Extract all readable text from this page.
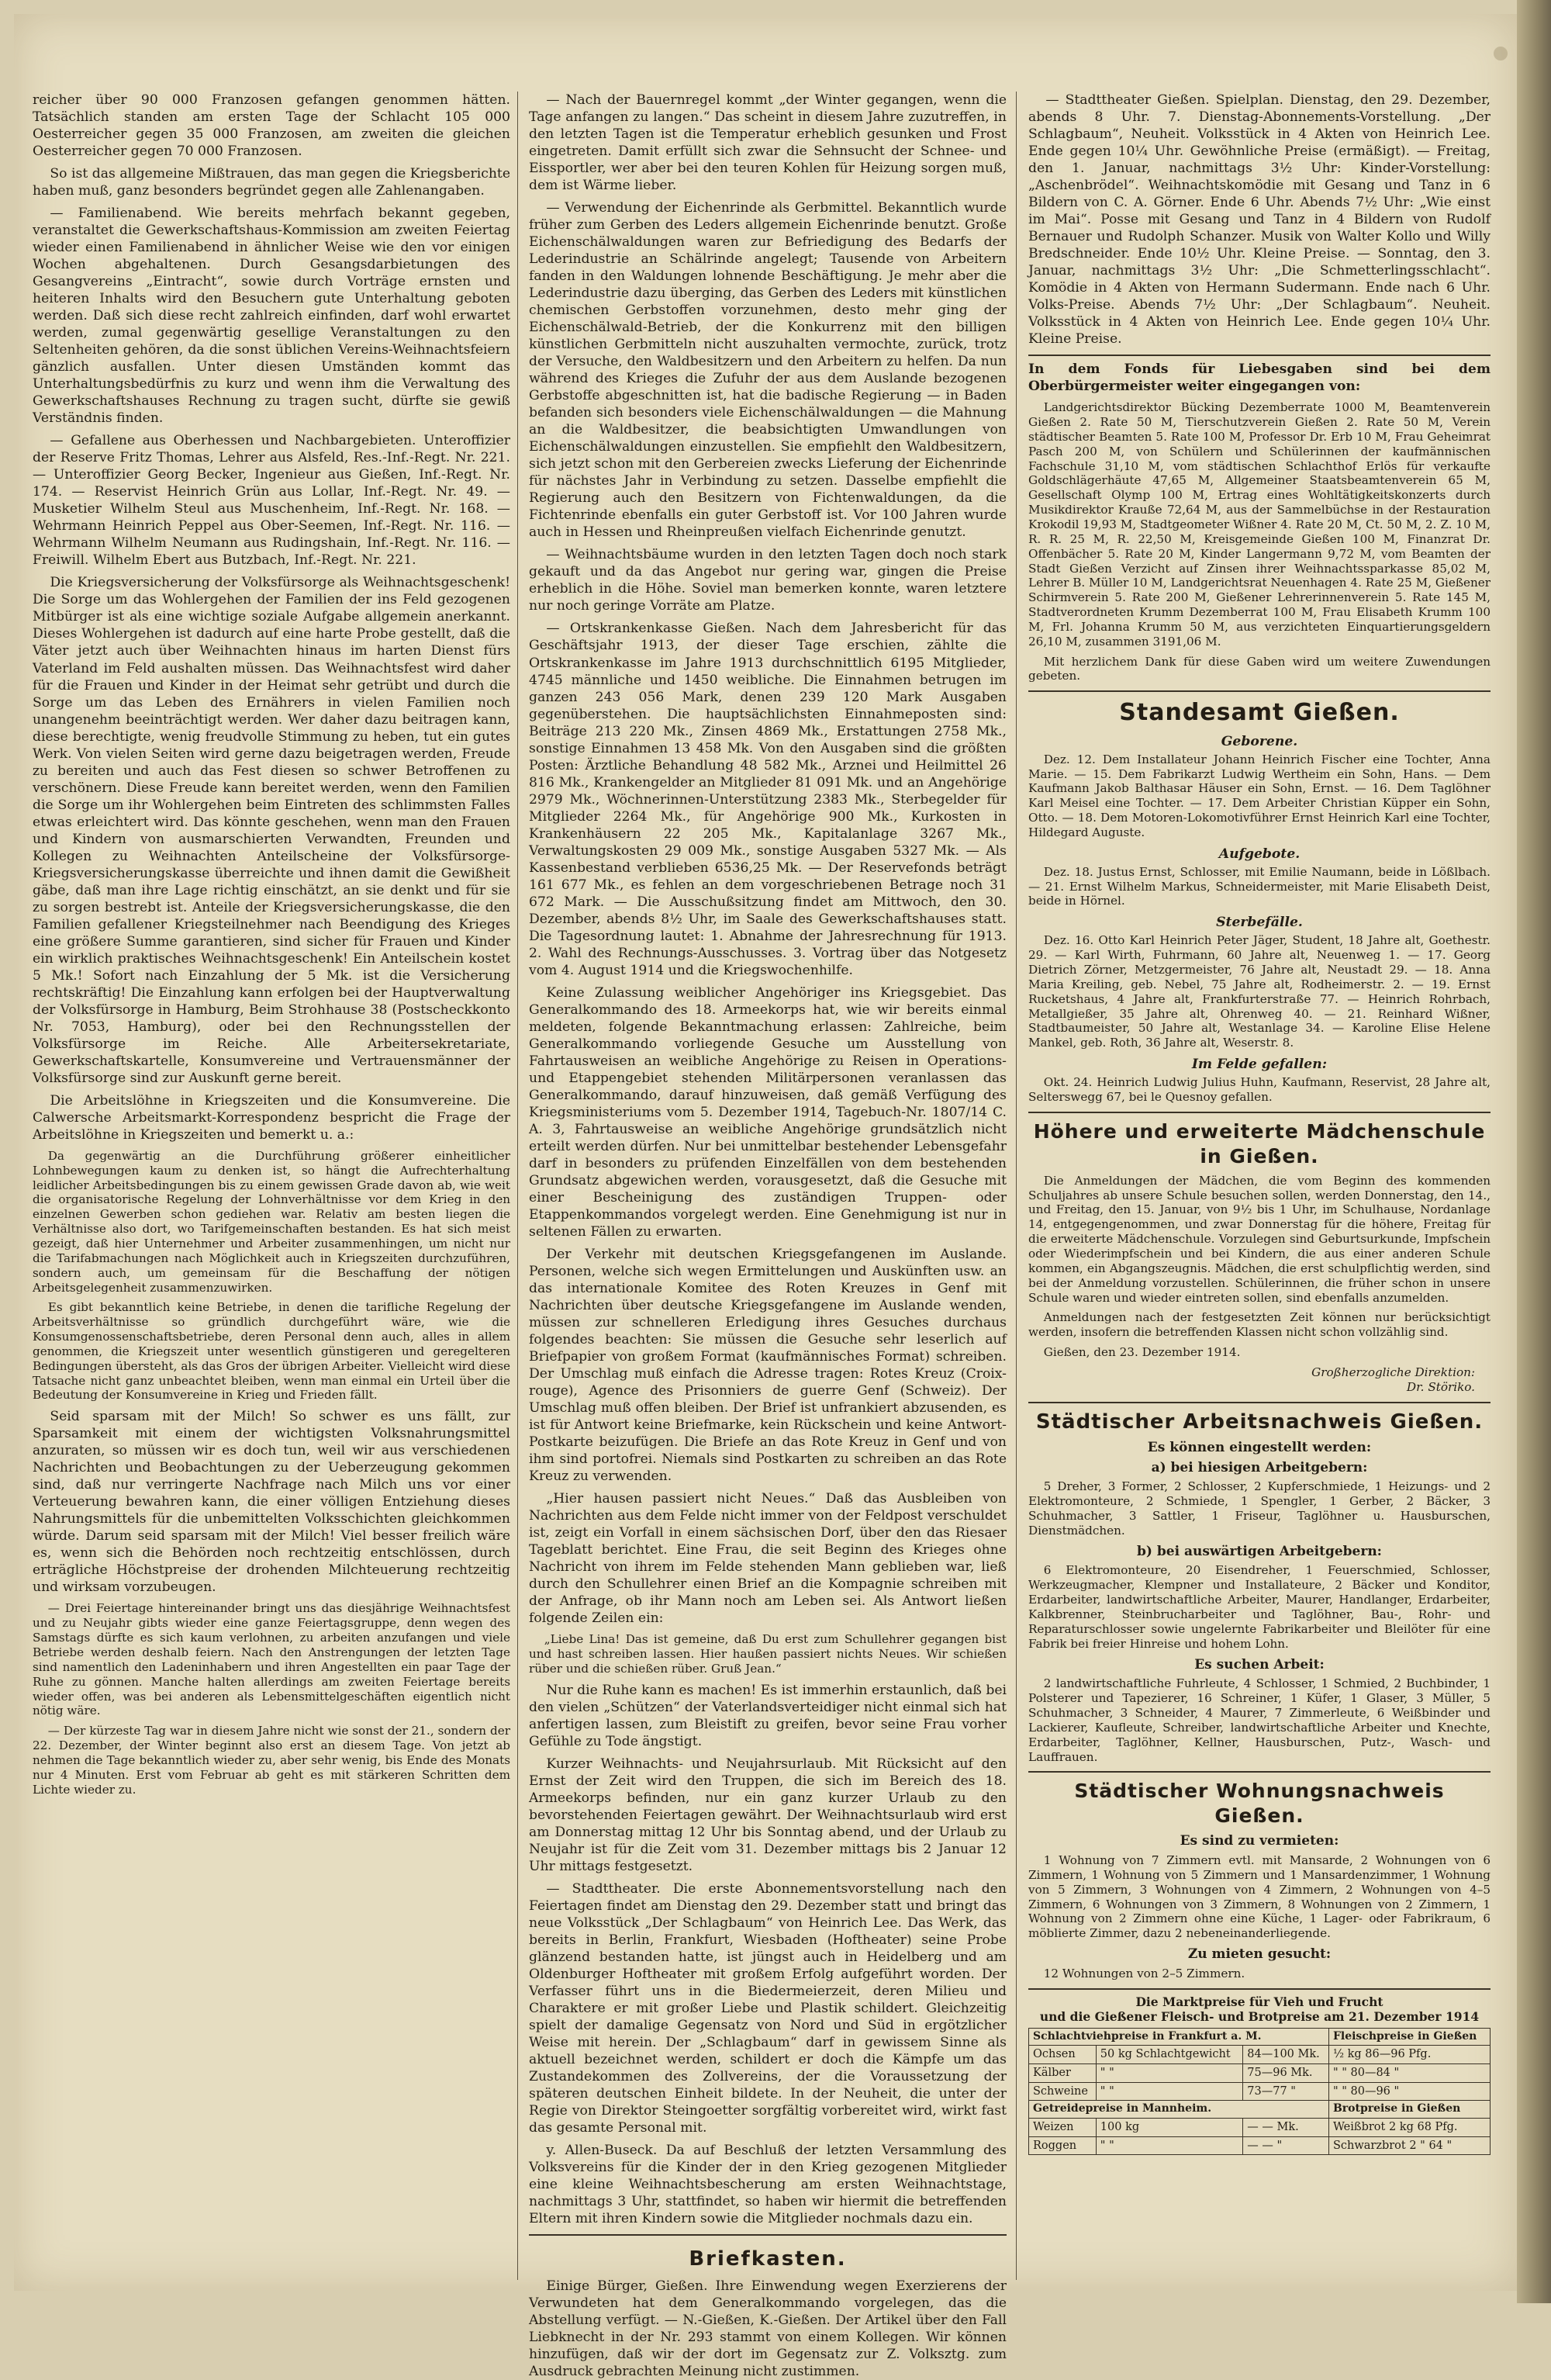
reicher über 90 000 Franzosen gefangen genommen hätten. Tatsächlich standen am ersten Tage der Schlacht 105 000 Oesterreicher gegen 35 000 Franzosen, am zweiten die gleichen Oesterreicher gegen 70 000 Franzosen.

So ist das allgemeine Mißtrauen, das man gegen die Kriegsberichte haben muß, ganz besonders begründet gegen alle Zahlenangaben.

— Familienabend. Wie bereits mehrfach bekannt gegeben, veranstaltet die Gewerkschaftshaus-Kommission am zweiten Feiertag wieder einen Familienabend in ähnlicher Weise wie den vor einigen Wochen abgehaltenen. Durch Gesangsdarbietungen des Gesangvereins „Eintracht“, sowie durch Vorträge ernsten und heiteren Inhalts wird den Besuchern gute Unterhaltung geboten werden. Daß sich diese recht zahlreich einfinden, darf wohl erwartet werden, zumal gegenwärtig gesellige Veranstaltungen zu den Seltenheiten gehören, da die sonst üblichen Vereins-Weihnachtsfeiern gänzlich ausfallen. Unter diesen Umständen kommt das Unterhaltungsbedürfnis zu kurz und wenn ihm die Verwaltung des Gewerkschaftshauses Rechnung zu tragen sucht, dürfte sie gewiß Verständnis finden.

— Gefallene aus Oberhessen und Nachbargebieten. Unteroffizier der Reserve Fritz Thomas, Lehrer aus Alsfeld, Res.-Inf.-Regt. Nr. 221. — Unteroffizier Georg Becker, Ingenieur aus Gießen, Inf.-Regt. Nr. 174. — Reservist Heinrich Grün aus Lollar, Inf.-Regt. Nr. 49. — Musketier Wilhelm Steul aus Muschenheim, Inf.-Regt. Nr. 168. — Wehrmann Heinrich Peppel aus Ober-Seemen, Inf.-Regt. Nr. 116. — Wehrmann Wilhelm Neumann aus Rudingshain, Inf.-Regt. Nr. 116. — Freiwill. Wilhelm Ebert aus Butzbach, Inf.-Regt. Nr. 221.

Die Kriegsversicherung der Volksfürsorge als Weihnachtsgeschenk! Die Sorge um das Wohlergehen der Familien der ins Feld gezogenen Mitbürger ist als eine wichtige soziale Aufgabe allgemein anerkannt. Dieses Wohlergehen ist dadurch auf eine harte Probe gestellt, daß die Väter jetzt auch über Weihnachten hinaus im harten Dienst fürs Vaterland im Feld aushalten müssen. Das Weihnachtsfest wird daher für die Frauen und Kinder in der Heimat sehr getrübt und durch die Sorge um das Leben des Ernährers in vielen Familien noch unangenehm beeinträchtigt werden. Wer daher dazu beitragen kann, diese berechtigte, wenig freudvolle Stimmung zu heben, tut ein gutes Werk. Von vielen Seiten wird gerne dazu beigetragen werden, Freude zu bereiten und auch das Fest diesen so schwer Betroffenen zu verschönern. Diese Freude kann bereitet werden, wenn den Familien die Sorge um ihr Wohlergehen beim Eintreten des schlimmsten Falles etwas erleichtert wird. Das könnte geschehen, wenn man den Frauen und Kindern von ausmarschierten Verwandten, Freunden und Kollegen zu Weihnachten Anteilscheine der Volksfürsorge-Kriegsversicherungskasse überreichte und ihnen damit die Gewißheit gäbe, daß man ihre Lage richtig einschätzt, an sie denkt und für sie zu sorgen bestrebt ist. Anteile der Kriegsversicherungskasse, die den Familien gefallener Kriegsteilnehmer nach Beendigung des Krieges eine größere Summe garantieren, sind sicher für Frauen und Kinder ein wirklich praktisches Weihnachtsgeschenk! Ein Anteilschein kostet 5 Mk.! Sofort nach Einzahlung der 5 Mk. ist die Versicherung rechtskräftig! Die Einzahlung kann erfolgen bei der Hauptverwaltung der Volksfürsorge in Hamburg, Beim Strohhause 38 (Postscheckkonto Nr. 7053, Hamburg), oder bei den Rechnungsstellen der Volksfürsorge im Reiche. Alle Arbeitersekretariate, Gewerkschaftskartelle, Konsumvereine und Vertrauensmänner der Volksfürsorge sind zur Auskunft gerne bereit.

Die Arbeitslöhne in Kriegszeiten und die Konsumvereine. Die Calwersche Arbeitsmarkt-Korrespondenz bespricht die Frage der Arbeitslöhne in Kriegszeiten und bemerkt u. a.:

Da gegenwärtig an die Durchführung größerer einheitlicher Lohnbewegungen kaum zu denken ist, so hängt die Aufrechterhaltung leidlicher Arbeitsbedingungen bis zu einem gewissen Grade davon ab, wie weit die organisatorische Regelung der Lohnverhältnisse vor dem Krieg in den einzelnen Gewerben schon gediehen war. Relativ am besten liegen die Verhältnisse also dort, wo Tarifgemeinschaften bestanden. Es hat sich meist gezeigt, daß hier Unternehmer und Arbeiter zusammenhingen, um nicht nur die Tarifabmachungen nach Möglichkeit auch in Kriegszeiten durchzuführen, sondern auch, um gemeinsam für die Beschaffung der nötigen Arbeitsgelegenheit zusammenzuwirken.

Es gibt bekanntlich keine Betriebe, in denen die tarifliche Regelung der Arbeitsverhältnisse so gründlich durchgeführt wäre, wie die Konsumgenossenschaftsbetriebe, deren Personal denn auch, alles in allem genommen, die Kriegszeit unter wesentlich günstigeren und geregelteren Bedingungen übersteht, als das Gros der übrigen Arbeiter. Vielleicht wird diese Tatsache nicht ganz unbeachtet bleiben, wenn man einmal ein Urteil über die Bedeutung der Konsumvereine in Krieg und Frieden fällt.

Seid sparsam mit der Milch! So schwer es uns fällt, zur Sparsamkeit mit einem der wichtigsten Volksnahrungsmittel anzuraten, so müssen wir es doch tun, weil wir aus verschiedenen Nachrichten und Beobachtungen zu der Ueberzeugung gekommen sind, daß nur verringerte Nachfrage nach Milch uns vor einer Verteuerung bewahren kann, die einer völligen Entziehung dieses Nahrungsmittels für die unbemittelten Volksschichten gleichkommen würde. Darum seid sparsam mit der Milch! Viel besser freilich wäre es, wenn sich die Behörden noch rechtzeitig entschlössen, durch erträgliche Höchstpreise der drohenden Milchteuerung rechtzeitig und wirksam vorzubeugen.

— Drei Feiertage hintereinander bringt uns das diesjährige Weihnachtsfest und zu Neujahr gibts wieder eine ganze Feiertagsgruppe, denn wegen des Samstags dürfte es sich kaum verlohnen, zu arbeiten anzufangen und viele Betriebe werden deshalb feiern. Nach den Anstrengungen der letzten Tage sind namentlich den Ladeninhabern und ihren Angestellten ein paar Tage der Ruhe zu gönnen. Manche halten allerdings am zweiten Feiertage bereits wieder offen, was bei anderen als Lebensmittelgeschäften eigentlich nicht nötig wäre.

— Der kürzeste Tag war in diesem Jahre nicht wie sonst der 21., sondern der 22. Dezember, der Winter beginnt also erst an diesem Tage. Von jetzt ab nehmen die Tage bekanntlich wieder zu, aber sehr wenig, bis Ende des Monats nur 4 Minuten. Erst vom Februar ab geht es mit stärkeren Schritten dem Lichte wieder zu.

— Nach der Bauernregel kommt „der Winter gegangen, wenn die Tage anfangen zu langen.“ Das scheint in diesem Jahre zuzutreffen, in den letzten Tagen ist die Temperatur erheblich gesunken und Frost eingetreten. Damit erfüllt sich zwar die Sehnsucht der Schnee- und Eissportler, wer aber bei den teuren Kohlen für Heizung sorgen muß, dem ist Wärme lieber.

— Verwendung der Eichenrinde als Gerbmittel. Bekanntlich wurde früher zum Gerben des Leders allgemein Eichenrinde benutzt. Große Eichenschälwaldungen waren zur Befriedigung des Bedarfs der Lederindustrie an Schälrinde angelegt; Tausende von Arbeitern fanden in den Waldungen lohnende Beschäftigung. Je mehr aber die Lederindustrie dazu überging, das Gerben des Leders mit künstlichen chemischen Gerbstoffen vorzunehmen, desto mehr ging der Eichenschälwald-Betrieb, der die Konkurrenz mit den billigen künstlichen Gerbmitteln nicht auszuhalten vermochte, zurück, trotz der Versuche, den Waldbesitzern und den Arbeitern zu helfen. Da nun während des Krieges die Zufuhr der aus dem Auslande bezogenen Gerbstoffe abgeschnitten ist, hat die badische Regierung — in Baden befanden sich besonders viele Eichenschälwaldungen — die Mahnung an die Waldbesitzer, die beabsichtigten Umwandlungen von Eichenschälwaldungen einzustellen. Sie empfiehlt den Waldbesitzern, sich jetzt schon mit den Gerbereien zwecks Lieferung der Eichenrinde für nächstes Jahr in Verbindung zu setzen. Dasselbe empfiehlt die Regierung auch den Besitzern von Fichtenwaldungen, da die Fichtenrinde ebenfalls ein guter Gerbstoff ist. Vor 100 Jahren wurde auch in Hessen und Rheinpreußen vielfach Eichenrinde genutzt.

— Weihnachtsbäume wurden in den letzten Tagen doch noch stark gekauft und da das Angebot nur gering war, gingen die Preise erheblich in die Höhe. Soviel man bemerken konnte, waren letztere nur noch geringe Vorräte am Platze.

— Ortskrankenkasse Gießen. Nach dem Jahresbericht für das Geschäftsjahr 1913, der dieser Tage erschien, zählte die Ortskrankenkasse im Jahre 1913 durchschnittlich 6195 Mitglieder, 4745 männliche und 1450 weibliche. Die Einnahmen betrugen im ganzen 243 056 Mark, denen 239 120 Mark Ausgaben gegenüberstehen. Die hauptsächlichsten Einnahmeposten sind: Beiträge 213 220 Mk., Zinsen 4869 Mk., Erstattungen 2758 Mk., sonstige Einnahmen 13 458 Mk. Von den Ausgaben sind die größten Posten: Ärztliche Behandlung 48 582 Mk., Arznei und Heilmittel 26 816 Mk., Krankengelder an Mitglieder 81 091 Mk. und an Angehörige 2979 Mk., Wöchnerinnen-Unterstützung 2383 Mk., Sterbegelder für Mitglieder 2264 Mk., für Angehörige 900 Mk., Kurkosten in Krankenhäusern 22 205 Mk., Kapitalanlage 3267 Mk., Verwaltungskosten 29 009 Mk., sonstige Ausgaben 5327 Mk. — Als Kassenbestand verblieben 6536,25 Mk. — Der Reservefonds beträgt 161 677 Mk., es fehlen an dem vorgeschriebenen Betrage noch 31 672 Mark. — Die Ausschußsitzung findet am Mittwoch, den 30. Dezember, abends 8½ Uhr, im Saale des Gewerkschaftshauses statt. Die Tagesordnung lautet: 1. Abnahme der Jahresrechnung für 1913. 2. Wahl des Rechnungs-Ausschusses. 3. Vortrag über das Notgesetz vom 4. August 1914 und die Kriegswochenhilfe.

Keine Zulassung weiblicher Angehöriger ins Kriegsgebiet. Das Generalkommando des 18. Armeekorps hat, wie wir bereits einmal meldeten, folgende Bekanntmachung erlassen: Zahlreiche, beim Generalkommando vorliegende Gesuche um Ausstellung von Fahrtausweisen an weibliche Angehörige zu Reisen in Operations- und Etappengebiet stehenden Militärpersonen veranlassen das Generalkommando, darauf hinzuweisen, daß gemäß Verfügung des Kriegsministeriums vom 5. Dezember 1914, Tagebuch-Nr. 1807/14 C. A. 3, Fahrtausweise an weibliche Angehörige grundsätzlich nicht erteilt werden dürfen. Nur bei unmittelbar bestehender Lebensgefahr darf in besonders zu prüfenden Einzelfällen von dem bestehenden Grundsatz abgewichen werden, vorausgesetzt, daß die Gesuche mit einer Bescheinigung des zuständigen Truppen- oder Etappenkommandos vorgelegt werden. Eine Genehmigung ist nur in seltenen Fällen zu erwarten.

Der Verkehr mit deutschen Kriegsgefangenen im Auslande. Personen, welche sich wegen Ermittelungen und Auskünften usw. an das internationale Komitee des Roten Kreuzes in Genf mit Nachrichten über deutsche Kriegsgefangene im Auslande wenden, müssen zur schnelleren Erledigung ihres Gesuches durchaus folgendes beachten: Sie müssen die Gesuche sehr leserlich auf Briefpapier von großem Format (kaufmännisches Format) schreiben. Der Umschlag muß einfach die Adresse tragen: Rotes Kreuz (Croix-rouge), Agence des Prisonniers de guerre Genf (Schweiz). Der Umschlag muß offen bleiben. Der Brief ist unfrankiert abzusenden, es ist für Antwort keine Briefmarke, kein Rückschein und keine Antwort-Postkarte beizufügen. Die Briefe an das Rote Kreuz in Genf und von ihm sind portofrei. Niemals sind Postkarten zu schreiben an das Rote Kreuz zu verwenden.

„Hier hausen passiert nicht Neues.“ Daß das Ausbleiben von Nachrichten aus dem Felde nicht immer von der Feldpost verschuldet ist, zeigt ein Vorfall in einem sächsischen Dorf, über den das Riesaer Tageblatt berichtet. Eine Frau, die seit Beginn des Krieges ohne Nachricht von ihrem im Felde stehenden Mann geblieben war, ließ durch den Schullehrer einen Brief an die Kompagnie schreiben mit der Anfrage, ob ihr Mann noch am Leben sei. Als Antwort ließen folgende Zeilen ein:

„Liebe Lina! Das ist gemeine, daß Du erst zum Schullehrer gegangen bist und hast schreiben lassen. Hier haußen passiert nichts Neues. Wir schießen rüber und die schießen rüber. Gruß Jean.“

Nur die Ruhe kann es machen! Es ist immerhin erstaunlich, daß bei den vielen „Schützen“ der Vaterlandsverteidiger nicht einmal sich hat anfertigen lassen, zum Bleistift zu greifen, bevor seine Frau vorher Gefühle zu Tode ängstigt.

Kurzer Weihnachts- und Neujahrsurlaub. Mit Rücksicht auf den Ernst der Zeit wird den Truppen, die sich im Bereich des 18. Armeekorps befinden, nur ein ganz kurzer Urlaub zu den bevorstehenden Feiertagen gewährt. Der Weihnachtsurlaub wird erst am Donnerstag mittag 12 Uhr bis Sonntag abend, und der Urlaub zu Neujahr ist für die Zeit vom 31. Dezember mittags bis 2 Januar 12 Uhr mittags festgesetzt.

— Stadttheater. Die erste Abonnementsvorstellung nach den Feiertagen findet am Dienstag den 29. Dezember statt und bringt das neue Volksstück „Der Schlagbaum“ von Heinrich Lee. Das Werk, das bereits in Berlin, Frankfurt, Wiesbaden (Hoftheater) seine Probe glänzend bestanden hatte, ist jüngst auch in Heidelberg und am Oldenburger Hoftheater mit großem Erfolg aufgeführt worden. Der Verfasser führt uns in die Biedermeierzeit, deren Milieu und Charaktere er mit großer Liebe und Plastik schildert. Gleichzeitig spielt der damalige Gegensatz von Nord und Süd in ergötzlicher Weise mit herein. Der „Schlagbaum“ darf in gewissem Sinne als aktuell bezeichnet werden, schildert er doch die Kämpfe um das Zustandekommen des Zollvereins, der die Voraussetzung der späteren deutschen Einheit bildete. In der Neuheit, die unter der Regie von Direktor Steingoetter sorgfältig vorbereitet wird, wirkt fast das gesamte Personal mit.

y. Allen-Buseck. Da auf Beschluß der letzten Versammlung des Volksvereins für die Kinder der in den Krieg gezogenen Mitglieder eine kleine Weihnachtsbescherung am ersten Weihnachtstage, nachmittags 3 Uhr, stattfindet, so haben wir hiermit die betreffenden Eltern mit ihren Kindern sowie die Mitglieder nochmals dazu ein.

Briefkasten.

Einige Bürger, Gießen. Ihre Einwendung wegen Exerzierens der Verwundeten hat dem Generalkommando vorgelegen, das die Abstellung verfügt. — N.-Gießen, K.-Gießen. Der Artikel über den Fall Liebknecht in der Nr. 293 stammt von einem Kollegen. Wir können hinzufügen, daß wir der dort im Gegensatz zur Z. Volksztg. zum Ausdruck gebrachten Meinung nicht zustimmen.

— Stadttheater Gießen. Spielplan. Dienstag, den 29. Dezember, abends 8 Uhr. 7. Dienstag-Abonnements-Vorstellung. „Der Schlagbaum“, Neuheit. Volksstück in 4 Akten von Heinrich Lee. Ende gegen 10¼ Uhr. Gewöhnliche Preise (ermäßigt). — Freitag, den 1. Januar, nachmittags 3½ Uhr: Kinder-Vorstellung: „Aschenbrödel“. Weihnachtskomödie mit Gesang und Tanz in 6 Bildern von C. A. Görner. Ende 6 Uhr. Abends 7½ Uhr: „Wie einst im Mai“. Posse mit Gesang und Tanz in 4 Bildern von Rudolf Bernauer und Rudolph Schanzer. Musik von Walter Kollo und Willy Bredschneider. Ende 10½ Uhr. Kleine Preise. — Sonntag, den 3. Januar, nachmittags 3½ Uhr: „Die Schmetterlingsschlacht“. Komödie in 4 Akten von Hermann Sudermann. Ende nach 6 Uhr. Volks-Preise. Abends 7½ Uhr: „Der Schlagbaum“. Neuheit. Volksstück in 4 Akten von Heinrich Lee. Ende gegen 10¼ Uhr. Kleine Preise.

In dem Fonds für Liebesgaben sind bei dem Oberbürgermeister weiter eingegangen von:

Landgerichtsdirektor Bücking Dezemberrate 1000 M, Beamtenverein Gießen 2. Rate 50 M, Tierschutzverein Gießen 2. Rate 50 M, Verein städtischer Beamten 5. Rate 100 M, Professor Dr. Erb 10 M, Frau Geheimrat Pasch 200 M, von Schülern und Schülerinnen der kaufmännischen Fachschule 31,10 M, vom städtischen Schlachthof Erlös für verkaufte Goldschlägerhäute 47,65 M, Allgemeiner Staatsbeamtenverein 65 M, Gesellschaft Olymp 100 M, Ertrag eines Wohltätigkeitskonzerts durch Musikdirektor Krauße 72,64 M, aus der Sammelbüchse in der Restauration Krokodil 19,93 M, Stadtgeometer Wißner 4. Rate 20 M, Ct. 50 M, 2. Z. 10 M, R. R. 25 M, R. 22,50 M, Kreisgemeinde Gießen 100 M, Finanzrat Dr. Offenbächer 5. Rate 20 M, Kinder Langermann 9,72 M, vom Beamten der Stadt Gießen Verzicht auf Zinsen ihrer Weihnachtssparkasse 85,02 M, Lehrer B. Müller 10 M, Landgerichtsrat Neuenhagen 4. Rate 25 M, Gießener Schirmverein 5. Rate 200 M, Gießener Lehrerinnenverein 5. Rate 145 M, Stadtverordneten Krumm Dezemberrat 100 M, Frau Elisabeth Krumm 100 M, Frl. Johanna Krumm 50 M, aus verzichteten Einquartierungsgeldern 26,10 M, zusammen 3191,06 M.

Mit herzlichem Dank für diese Gaben wird um weitere Zuwendungen gebeten.

Standesamt Gießen.
Geborene.

Dez. 12. Dem Installateur Johann Heinrich Fischer eine Tochter, Anna Marie. — 15. Dem Fabrikarzt Ludwig Wertheim ein Sohn, Hans. — Dem Kaufmann Jakob Balthasar Häuser ein Sohn, Ernst. — 16. Dem Taglöhner Karl Meisel eine Tochter. — 17. Dem Arbeiter Christian Küpper ein Sohn, Otto. — 18. Dem Motoren-Lokomotivführer Ernst Heinrich Karl eine Tochter, Hildegard Auguste.

Aufgebote.

Dez. 18. Justus Ernst, Schlosser, mit Emilie Naumann, beide in Lößlbach. — 21. Ernst Wilhelm Markus, Schneidermeister, mit Marie Elisabeth Deist, beide in Hörnel.

Sterbefälle.

Dez. 16. Otto Karl Heinrich Peter Jäger, Student, 18 Jahre alt, Goethestr. 29. — Karl Wirth, Fuhrmann, 60 Jahre alt, Neuenweg 1. — 17. Georg Dietrich Zörner, Metzgermeister, 76 Jahre alt, Neustadt 29. — 18. Anna Maria Kreiling, geb. Nebel, 75 Jahre alt, Rodheimerstr. 2. — 19. Ernst Rucketshaus, 4 Jahre alt, Frankfurterstraße 77. — Heinrich Rohrbach, Metallgießer, 35 Jahre alt, Ohrenweg 40. — 21. Reinhard Wißner, Stadtbaumeister, 50 Jahre alt, Westanlage 34. — Karoline Elise Helene Mankel, geb. Roth, 36 Jahre alt, Weserstr. 8.

Im Felde gefallen:

Okt. 24. Heinrich Ludwig Julius Huhn, Kaufmann, Reservist, 28 Jahre alt, Selterswegg 67, bei le Quesnoy gefallen.

Höhere und erweiterte Mädchenschule in Gießen.

Die Anmeldungen der Mädchen, die vom Beginn des kommenden Schuljahres ab unsere Schule besuchen sollen, werden Donnerstag, den 14., und Freitag, den 15. Januar, von 9½ bis 1 Uhr, im Schulhause, Nordanlage 14, entgegengenommen, und zwar Donnerstag für die höhere, Freitag für die erweiterte Mädchenschule. Vorzulegen sind Geburtsurkunde, Impfschein oder Wiederimpfschein und bei Kindern, die aus einer anderen Schule kommen, ein Abgangszeugnis. Mädchen, die erst schulpflichtig werden, sind bei der Anmeldung vorzustellen. Schülerinnen, die früher schon in unsere Schule waren und wieder eintreten sollen, sind ebenfalls anzumelden.

Anmeldungen nach der festgesetzten Zeit können nur berücksichtigt werden, insofern die betreffenden Klassen nicht schon vollzählig sind.

Gießen, den 23. Dezember 1914.

Großherzogliche Direktion:
Dr. Störiko.
Städtischer Arbeitsnachweis Gießen.
Es können eingestellt werden:
a) bei hiesigen Arbeitgebern:

5 Dreher, 3 Former, 2 Schlosser, 2 Kupferschmiede, 1 Heizungs- und 2 Elektromonteure, 2 Schmiede, 1 Spengler, 1 Gerber, 2 Bäcker, 3 Schuhmacher, 3 Sattler, 1 Friseur, Taglöhner u. Hausburschen, Dienstmädchen.

b) bei auswärtigen Arbeitgebern:

6 Elektromonteure, 20 Eisendreher, 1 Feuerschmied, Schlosser, Werkzeugmacher, Klempner und Installateure, 2 Bäcker und Konditor, Erdarbeiter, landwirtschaftliche Arbeiter, Maurer, Handlanger, Erdarbeiter, Kalkbrenner, Steinbrucharbeiter und Taglöhner, Bau-, Rohr- und Reparaturschlosser sowie ungelernte Fabrikarbeiter und Bleilöter für eine Fabrik bei freier Hinreise und hohem Lohn.

Es suchen Arbeit:

2 landwirtschaftliche Fuhrleute, 4 Schlosser, 1 Schmied, 2 Buchbinder, 1 Polsterer und Tapezierer, 16 Schreiner, 1 Küfer, 1 Glaser, 3 Müller, 5 Schuhmacher, 3 Schneider, 4 Maurer, 7 Zimmerleute, 6 Weißbinder und Lackierer, Kaufleute, Schreiber, landwirtschaftliche Arbeiter und Knechte, Erdarbeiter, Taglöhner, Kellner, Hausburschen, Putz-, Wasch- und Lauffrauen.

Städtischer Wohnungsnachweis Gießen.
Es sind zu vermieten:

1 Wohnung von 7 Zimmern evtl. mit Mansarde, 2 Wohnungen von 6 Zimmern, 1 Wohnung von 5 Zimmern und 1 Mansardenzimmer, 1 Wohnung von 5 Zimmern, 3 Wohnungen von 4 Zimmern, 2 Wohnungen von 4–5 Zimmern, 6 Wohnungen von 3 Zimmern, 8 Wohnungen von 2 Zimmern, 1 Wohnung von 2 Zimmern ohne eine Küche, 1 Lager- oder Fabrikraum, 6 möblierte Zimmer, dazu 2 nebeneinanderliegende.

Zu mieten gesucht:

12 Wohnungen von 2–5 Zimmern.

Die Marktpreise für Vieh und Frucht
und die Gießener Fleisch- und Brotpreise am 21. Dezember 1914
Schlachtviehpreise in Frankfurt a. M.			Fleischpreise in Gießen
Ochsen	50 kg Schlachtgewicht	84—100 Mk.	½ kg 86—96 Pfg.
Kälber	" "	75—96 Mk.	" " 80—84 "
Schweine	" "	73—77 "	" " 80—96 "
Getreidepreise in Mannheim.			Brotpreise in Gießen
Weizen	100 kg	— — Mk.	Weißbrot 2 kg 68 Pfg.
Roggen	" "	— — "	Schwarzbrot 2 " 64 "
